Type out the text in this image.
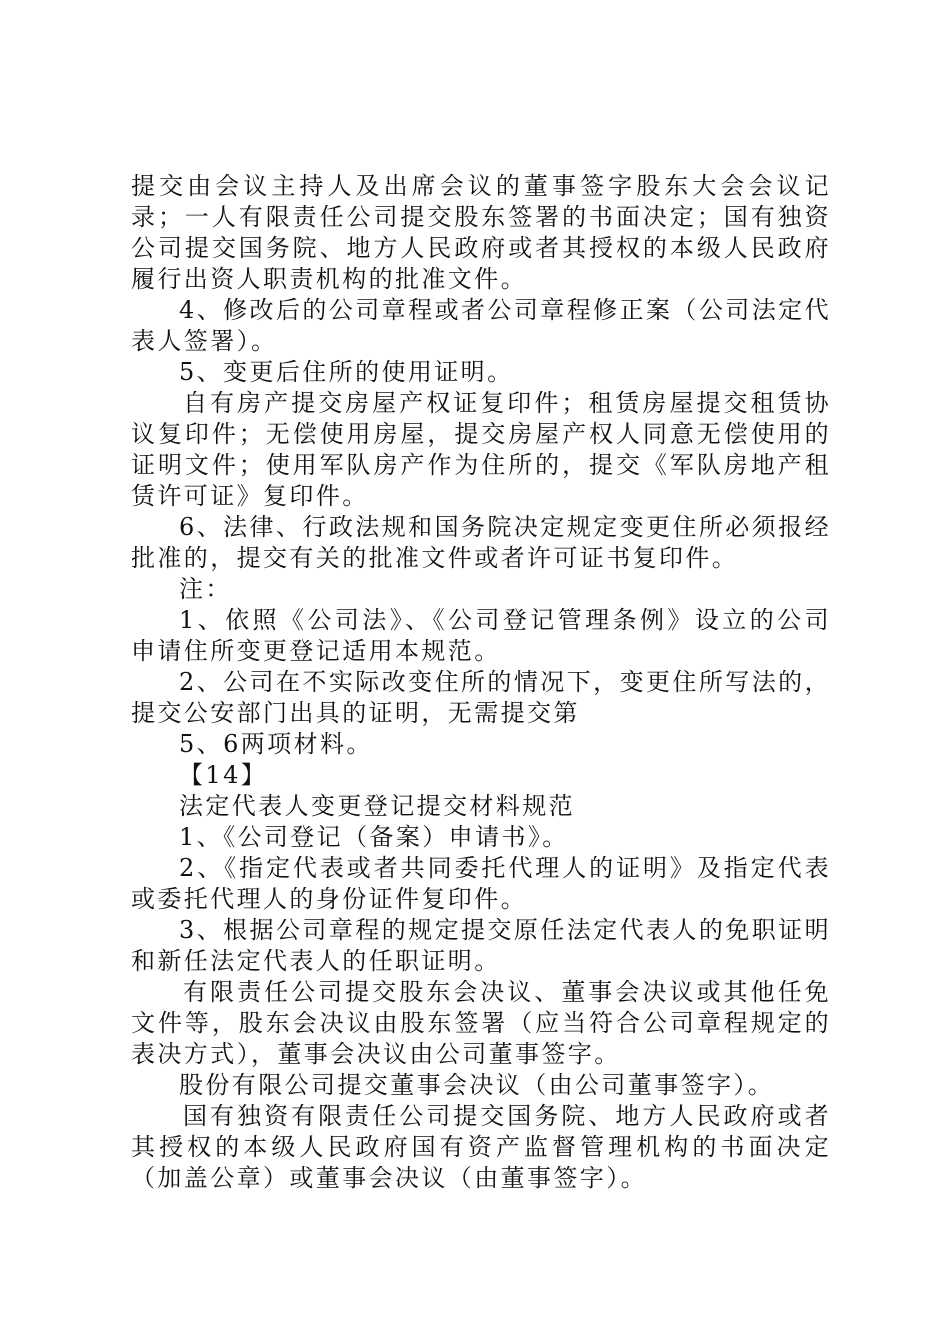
提交由会议主持人及出席会议的董事签字股东大会会议记录；一人有限责任公司提交股东签署的书面决定；国有独资公司提交国务院、地方人民政府或者其授权的本级人民政府履行出资人职责机构的批准文件。

4、修改后的公司章程或者公司章程修正案（公司法定代表人签署）。

5、变更后住所的使用证明。

自有房产提交房屋产权证复印件；租赁房屋提交租赁协议复印件；无偿使用房屋，提交房屋产权人同意无偿使用的证明文件；使用军队房产作为住所的，提交《军队房地产租赁许可证》复印件。

6、法律、行政法规和国务院决定规定变更住所必须报经批准的，提交有关的批准文件或者许可证书复印件。

注：

1、依照《公司法》、《公司登记管理条例》设立的公司申请住所变更登记适用本规范。

2、公司在不实际改变住所的情况下，变更住所写法的，提交公安部门出具的证明，无需提交第

5、6两项材料。

【14】

法定代表人变更登记提交材料规范

1、《公司登记（备案）申请书》。

2、《指定代表或者共同委托代理人的证明》及指定代表或委托代理人的身份证件复印件。

3、根据公司章程的规定提交原任法定代表人的免职证明和新任法定代表人的任职证明。

有限责任公司提交股东会决议、董事会决议或其他任免文件等，股东会决议由股东签署（应当符合公司章程规定的表决方式），董事会决议由公司董事签字。

股份有限公司提交董事会决议（由公司董事签字）。

国有独资有限责任公司提交国务院、地方人民政府或者其授权的本级人民政府国有资产监督管理机构的书面决定（加盖公章）或董事会决议（由董事签字）。
